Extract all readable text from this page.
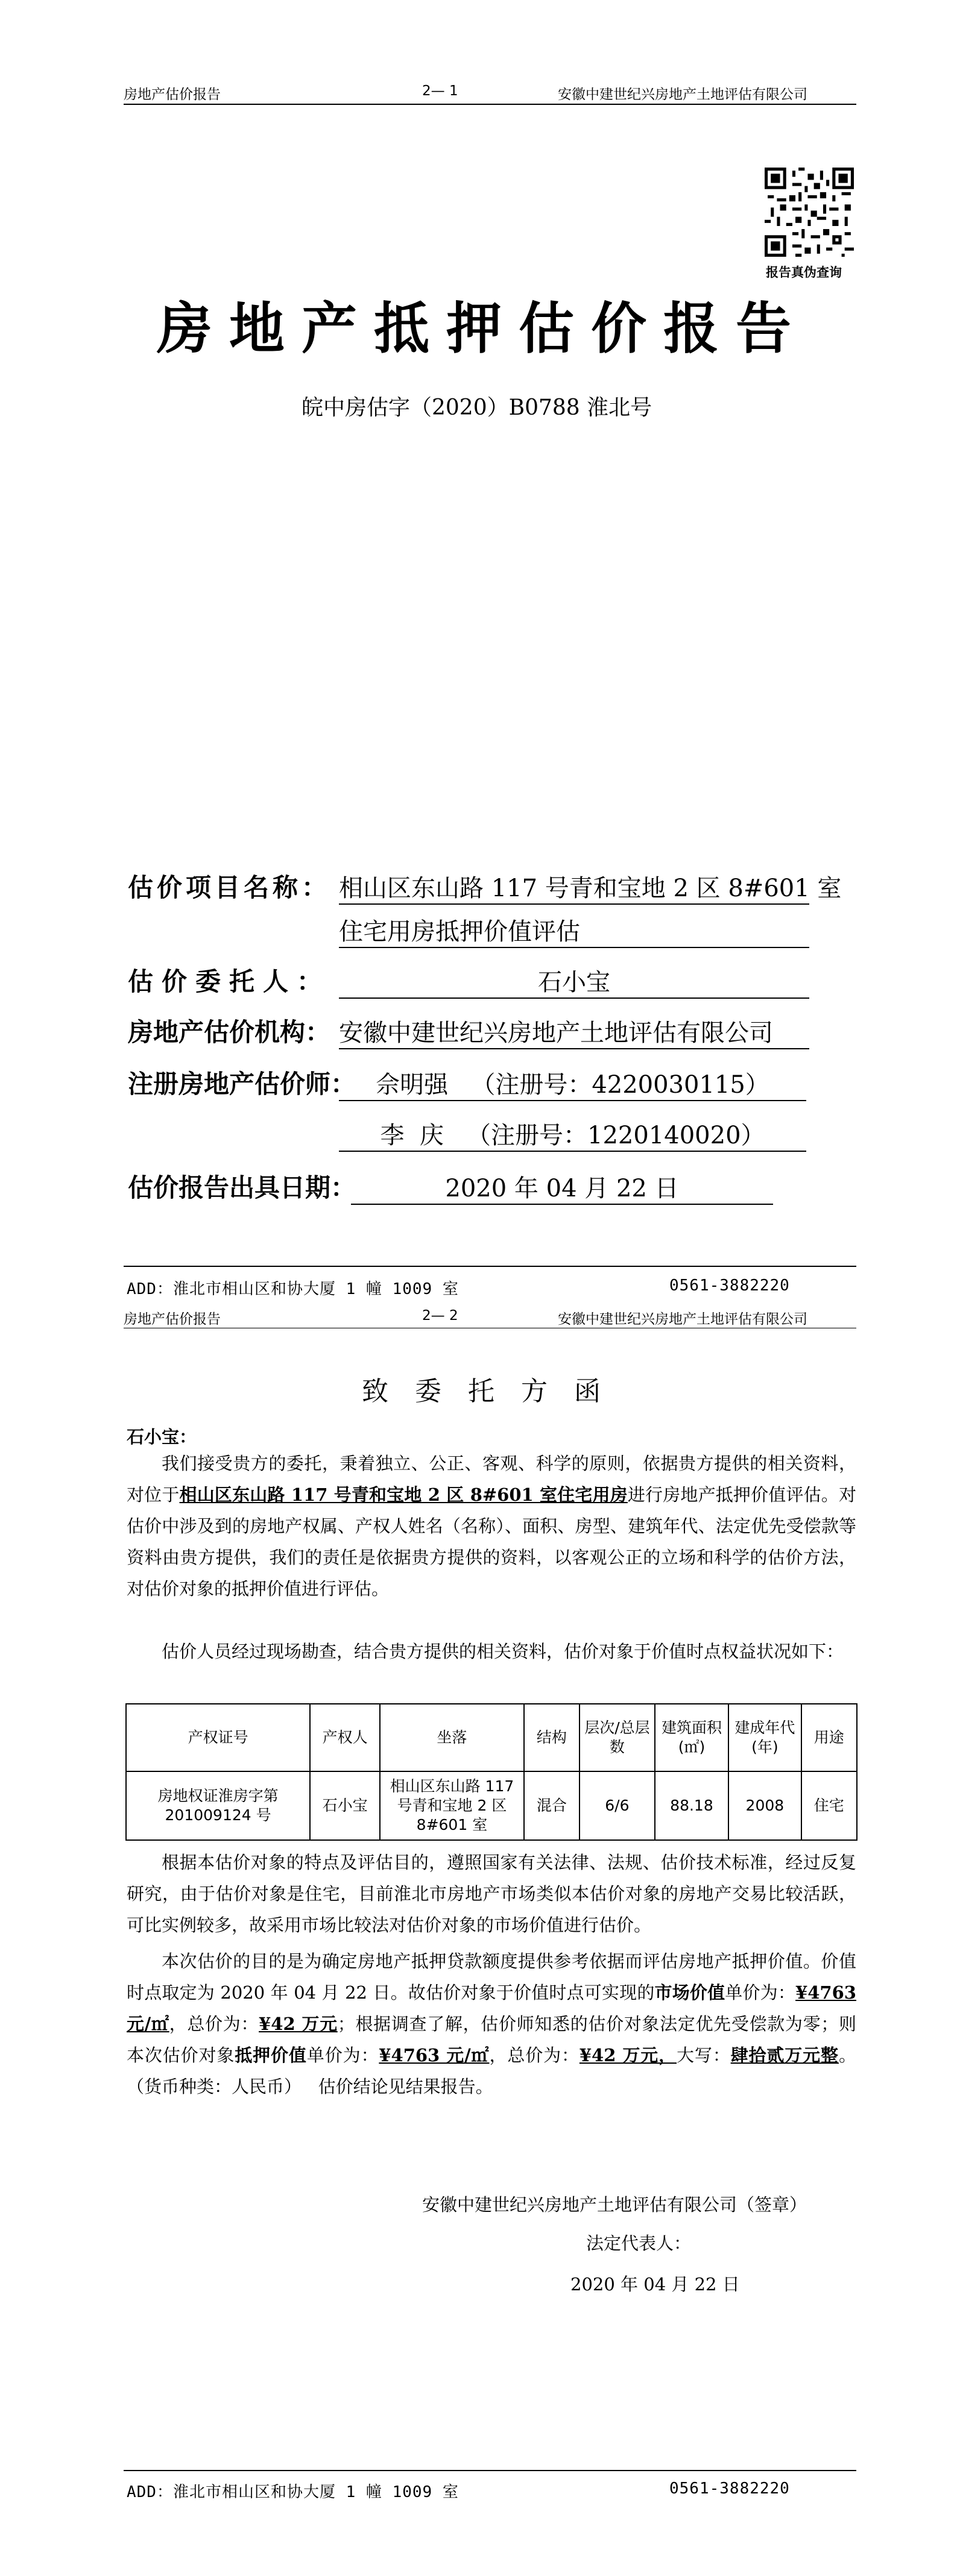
房地产估价报告	2— 1	安徽中建世纪兴房地产土地评估有限公司
报告真伪查询
房地产抵押估价报告
皖中房估字（2020）B0788 淮北号
估价项目名称： 相山区东山路 117 号青和宝地 2 区 8#601 室
住宅用房抵押价值评估
估价委托人：	石小宝
房地产估价机构： 安徽中建世纪兴房地产土地评估有限公司
注册房地产估价师： 佘明强   （注册号：4220030115）
李  庆   （注册号：1220140020）
估价报告出具日期：	2020 年 04 月 22 日
ADD：淮北市相山区和协大厦 1 幢 1009 室	0561-3882220
房地产估价报告	2— 2	安徽中建世纪兴房地产土地评估有限公司
致委托方函
石小宝：
我们接受贵方的委托，秉着独立、公正、客观、科学的原则，依据贵方提供的相关资料，对位于相山区东山路 117 号青和宝地 2 区 8#601 室住宅用房进行房地产抵押价值评估。对估价中涉及到的房地产权属、产权人姓名（名称）、面积、房型、建筑年代、法定优先受偿款等资料由贵方提供，我们的责任是依据贵方提供的资料，以客观公正的立场和科学的估价方法，对估价对象的抵押价值进行评估。
估价人员经过现场勘查，结合贵方提供的相关资料，估价对象于价值时点权益状况如下：
产权证号	产权人	坐落	结构	层次/总层数	建筑面积(㎡)	建成年代(年)	用途
房地权证淮房字第 201009124 号	石小宝	相山区东山路 117 号青和宝地 2 区 8#601 室	混合	6/6	88.18	2008	住宅
根据本估价对象的特点及评估目的，遵照国家有关法律、法规、估价技术标准，经过反复研究，由于估价对象是住宅，目前淮北市房地产市场类似本估价对象的房地产交易比较活跃，可比实例较多，故采用市场比较法对估价对象的市场价值进行估价。
本次估价的目的是为确定房地产抵押贷款额度提供参考依据而评估房地产抵押价值。价值时点取定为 2020 年 04 月 22 日。故估价对象于价值时点可实现的市场价值单价为：¥4763 元/㎡，总价为：¥42 万元；根据调查了解，估价师知悉的估价对象法定优先受偿款为零；则本次估价对象抵押价值单价为：¥4763 元/㎡，总价为：¥42 万元，大写：肆拾贰万元整。（货币种类：人民币）   估价结论见结果报告。
安徽中建世纪兴房地产土地评估有限公司（签章）
法定代表人：
2020 年 04 月 22 日
ADD：淮北市相山区和协大厦 1 幢 1009 室	0561-3882220
